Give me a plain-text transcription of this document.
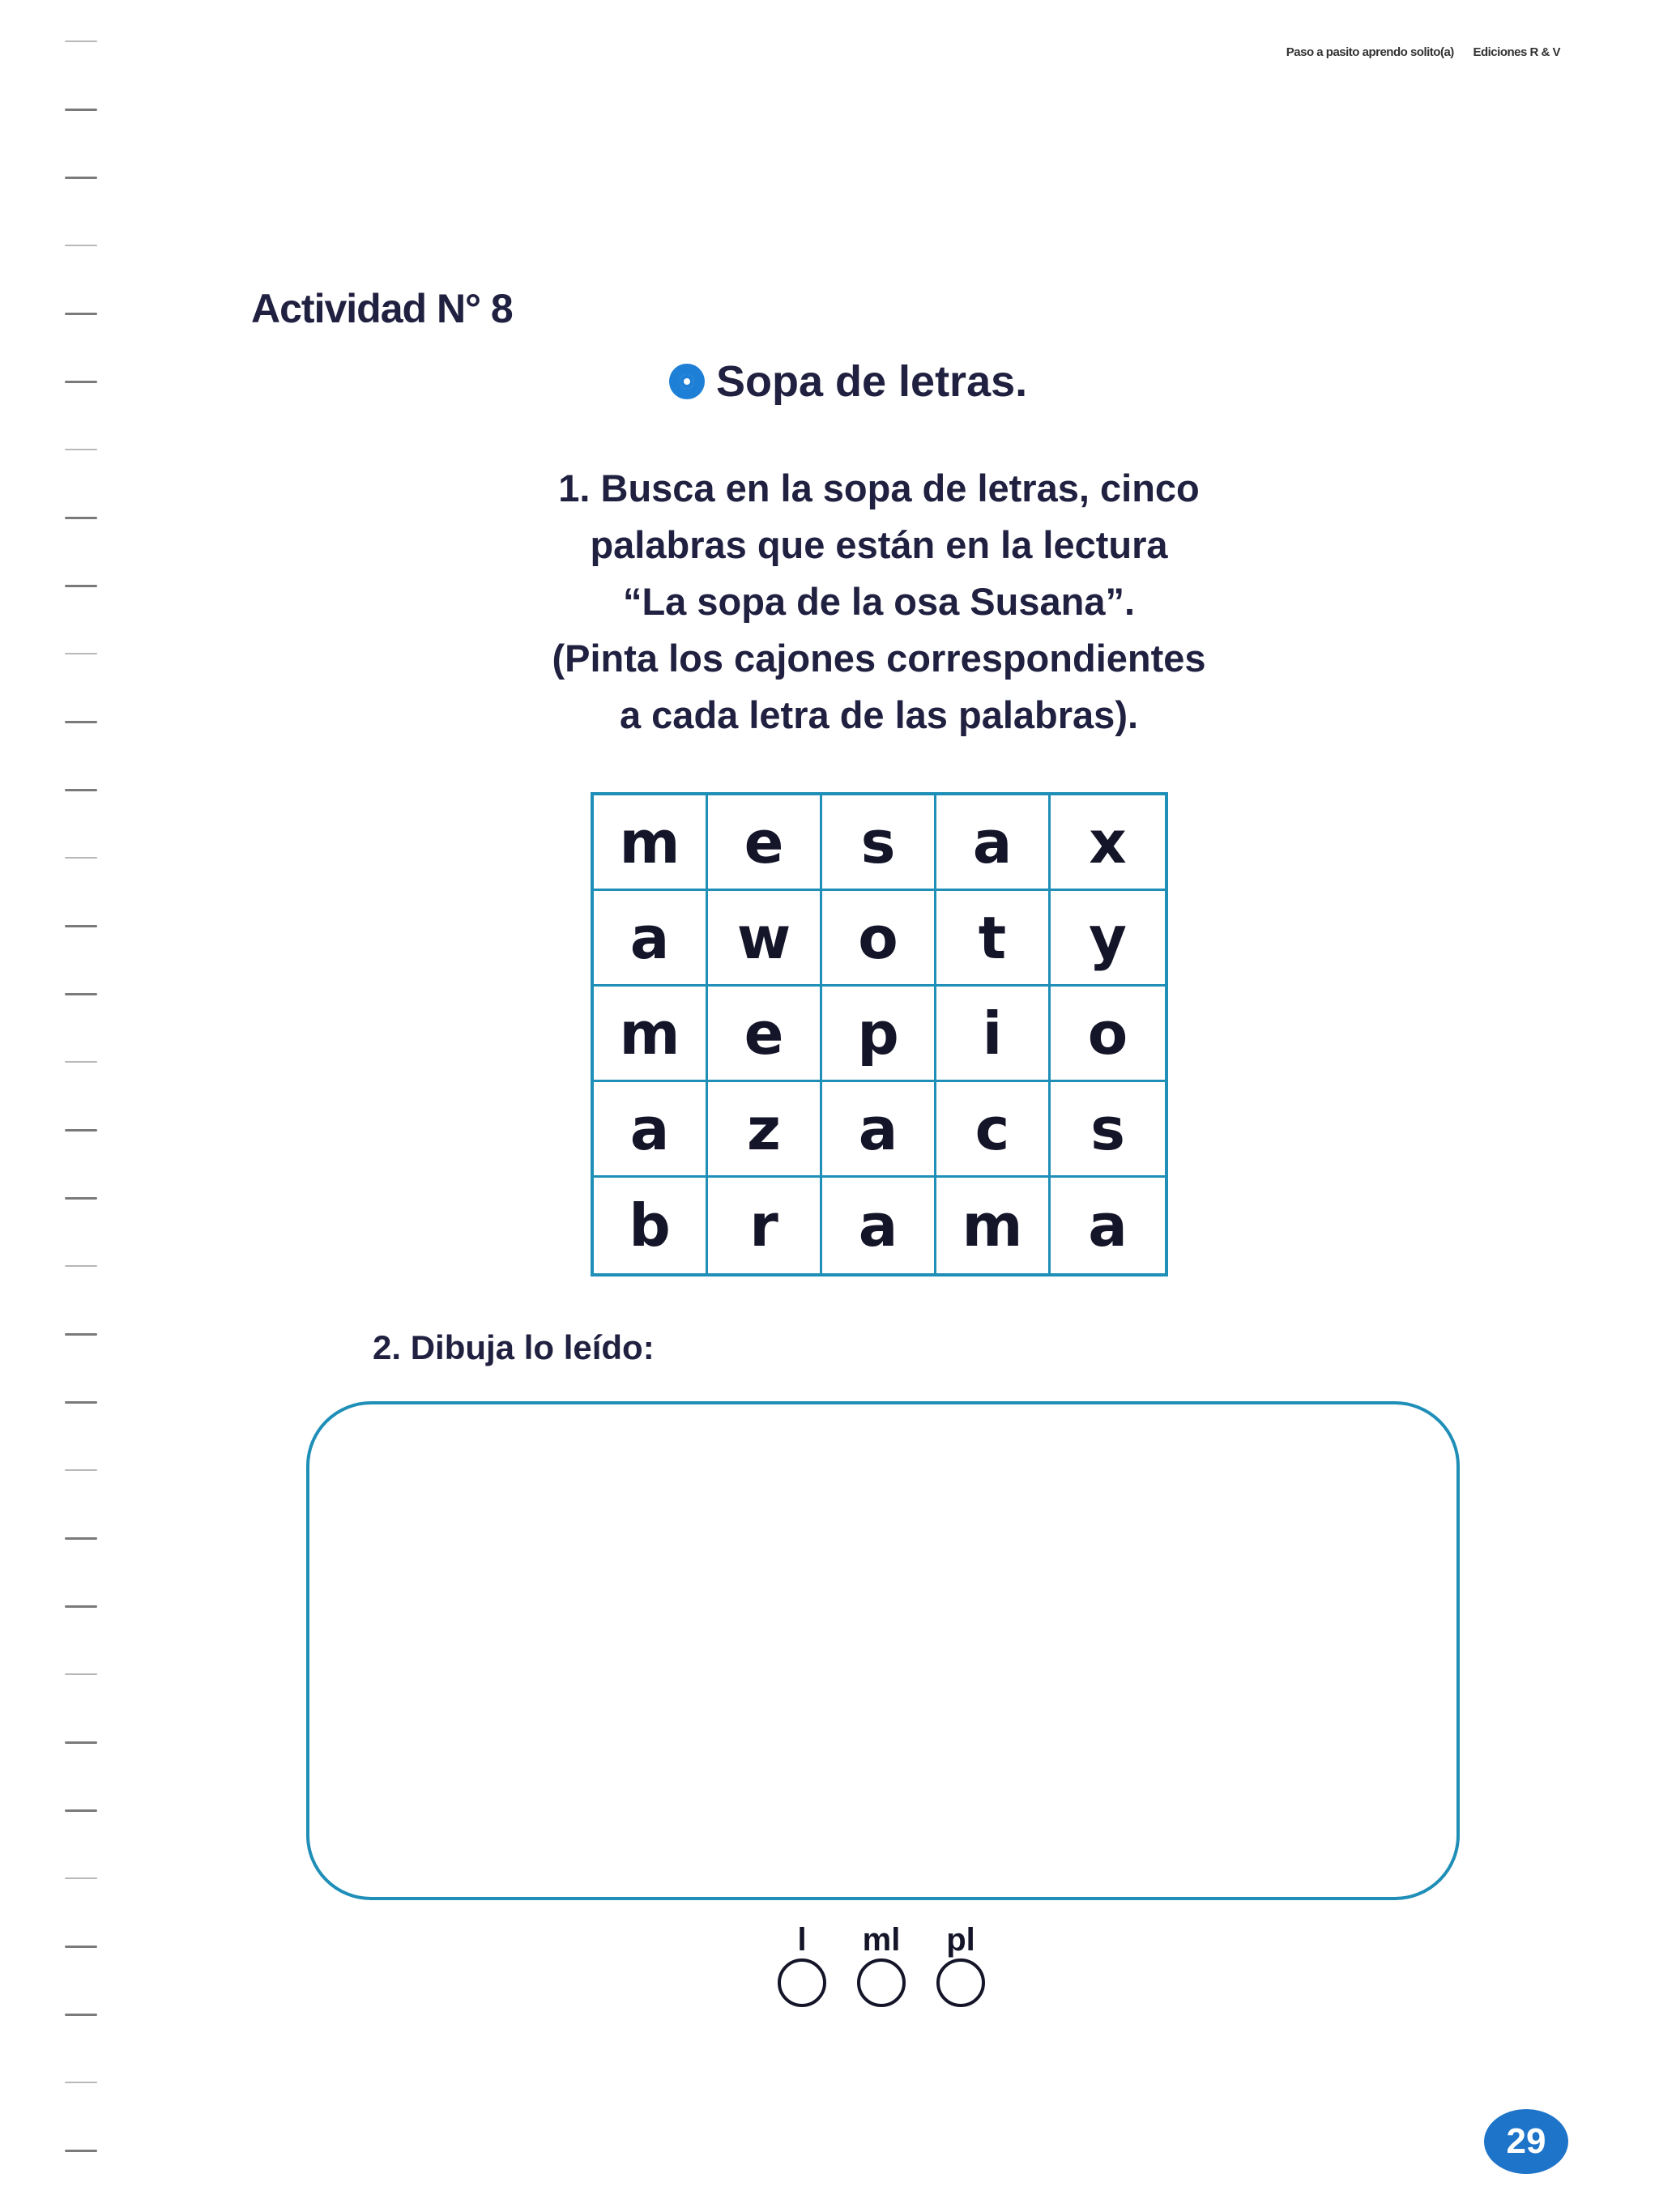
Paso a pasito aprendo solito(a) Ediciones R & V
Actividad N° 8
Sopa de letras.
1. Busca en la sopa de letras, cinco
palabras que están en la lectura
“La sopa de la osa Susana”.
(Pinta los cajones correspondientes
a cada letra de las palabras).
m	e	s	a	x
a	w	o	t	y
m	e	p	i	o
a	z	a	c	s
b	r	a	m	a
2. Dibuja lo leído:
l ml pl
29
